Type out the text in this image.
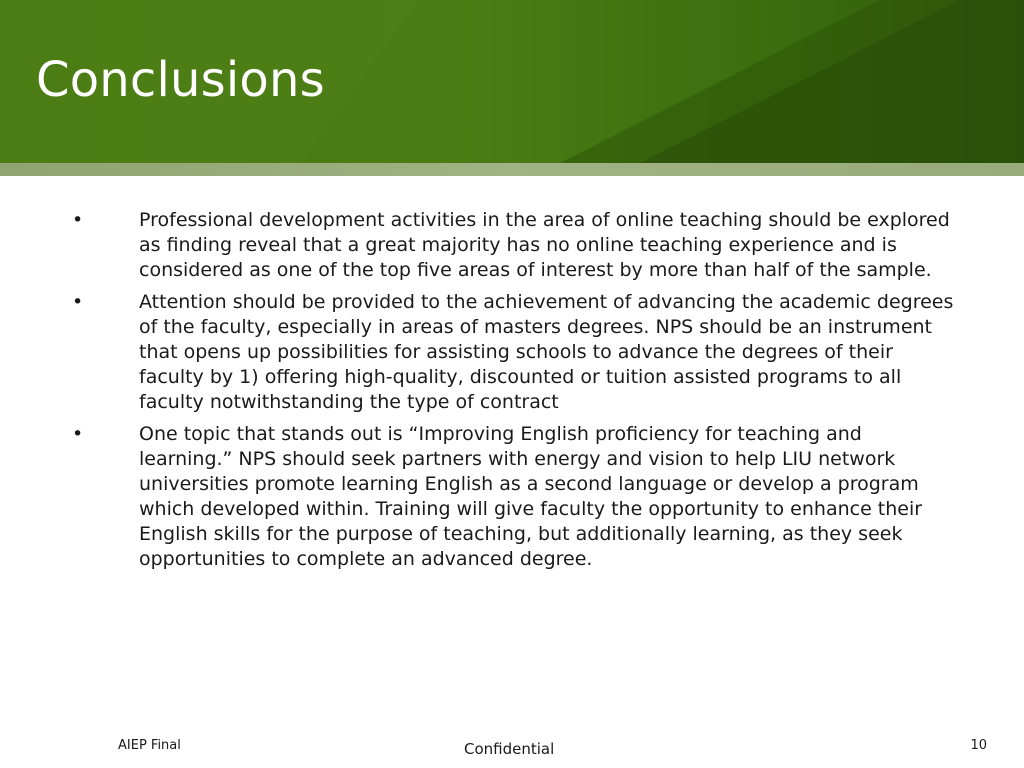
Conclusions
•	Professional development activities in the area of online teaching should be explored as finding reveal that a great majority has no online teaching experience and is considered as one of the top five areas of interest by more than half of the sample.
•	Attention should be provided to the achievement of advancing the academic degrees of the faculty, especially in areas of masters degrees. NPS should be an instrument that opens up possibilities for assisting schools to advance the degrees of their faculty by 1) offering high-quality, discounted or tuition assisted programs to all faculty notwithstanding the type of contract
•	One topic that stands out is “Improving English proficiency for teaching and learning.” NPS should seek partners with energy and vision to help LIU network universities promote learning English as a second language or develop a program which developed within. Training will give faculty the opportunity to enhance their English skills for the purpose of teaching, but additionally learning, as they seek opportunities to complete an advanced degree.
AIEP Final	Confidential	10
